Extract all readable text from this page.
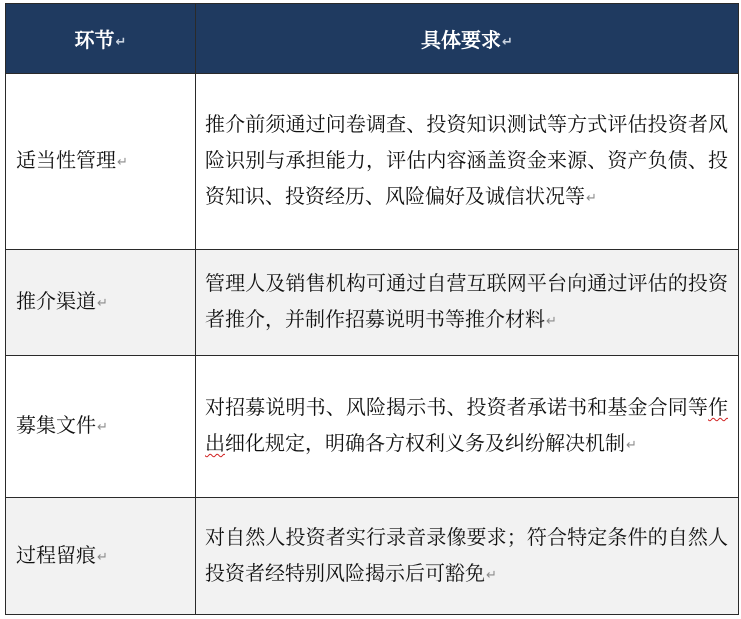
环节↵	具体要求↵
适当性管理↵	推介前须通过问卷调查、投资知识测试等方式评估投资者风险识别与承担能力，评估内容涵盖资金来源、资产负债、投资知识、投资经历、风险偏好及诚信状况等↵
推介渠道↵	管理人及销售机构可通过自营互联网平台向通过评估的投资者推介，并制作招募说明书等推介材料↵
募集文件↵	对招募说明书、风险揭示书、投资者承诺书和基金合同等作出细化规定，明确各方权利义务及纠纷解决机制↵
过程留痕↵	对自然人投资者实行录音录像要求；符合特定条件的自然人投资者经特别风险揭示后可豁免↵
